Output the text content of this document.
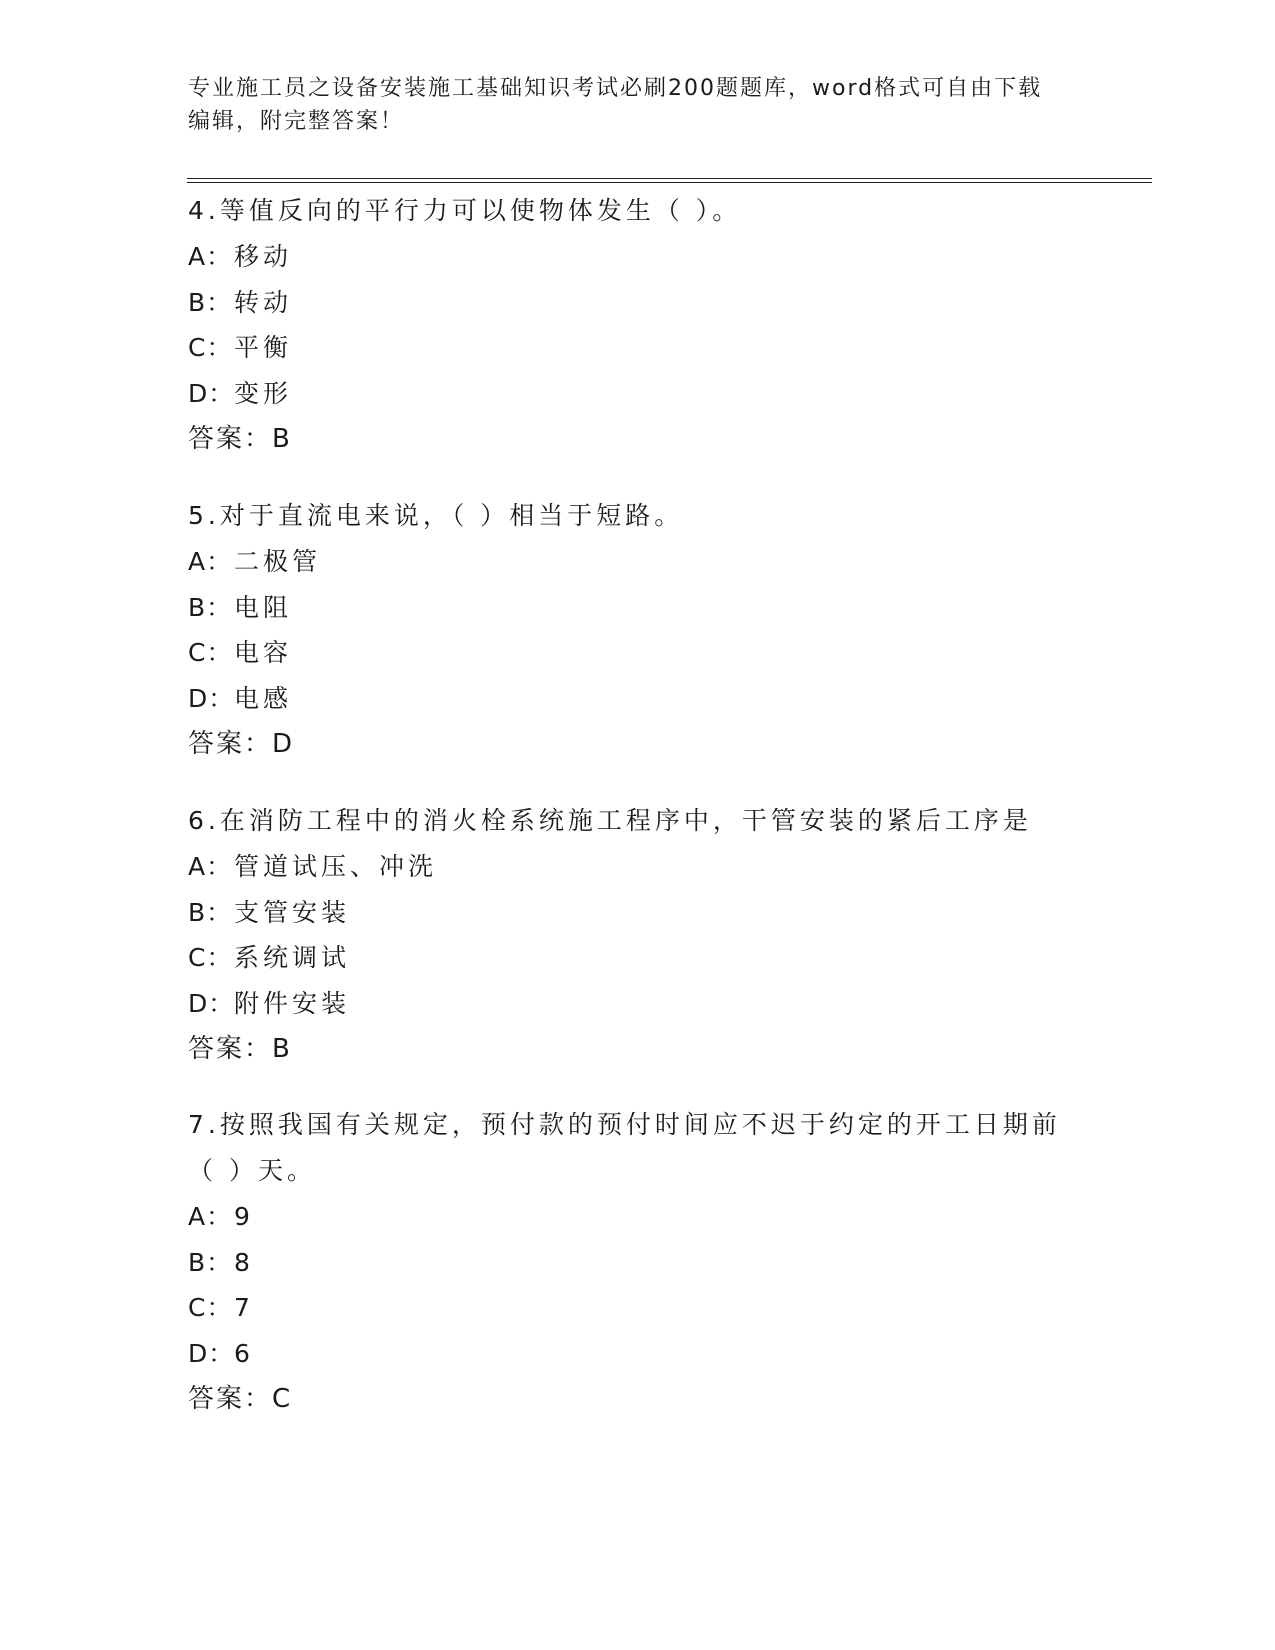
专业施工员之设备安装施工基础知识考试必刷200题题库，word格式可自由下载
编辑，附完整答案！
4.等值反向的平行力可以使物体发生（ ）。
A：移动
B：转动
C：平衡
D：变形
答案：B
5.对于直流电来说，（ ）相当于短路。
A：二极管
B：电阻
C：电容
D：电感
答案：D
6.在消防工程中的消火栓系统施工程序中，干管安装的紧后工序是
A：管道试压、冲洗
B：支管安装
C：系统调试
D：附件安装
答案：B
7.按照我国有关规定，预付款的预付时间应不迟于约定的开工日期前
（ ）天。
A：9
B：8
C：7
D：6
答案：C
